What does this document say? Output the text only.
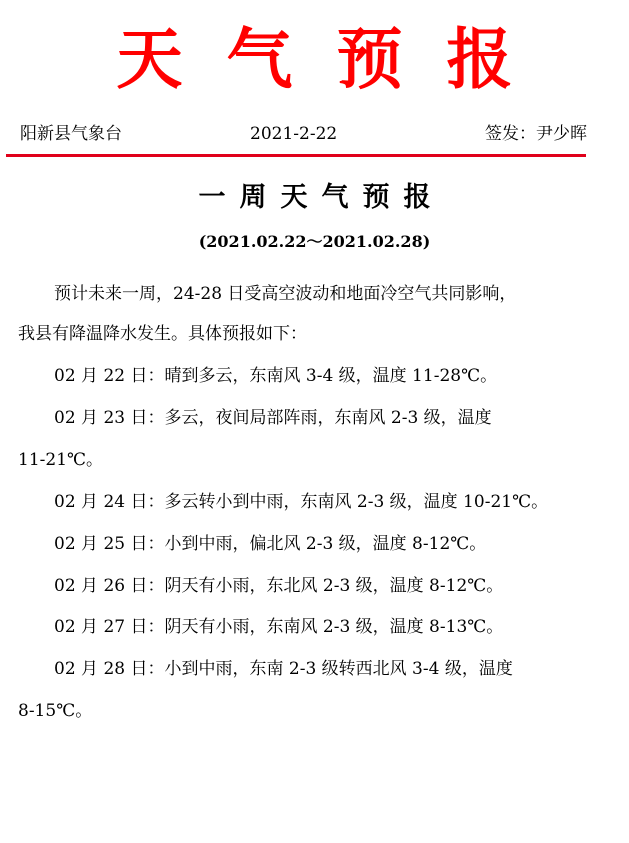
天气预报
阳新县气象台	2021-2-22	签发：尹少晖
一周天气预报
(2021.02.22～2021.02.28)

预计未来一周，24-28 日受高空波动和地面冷空气共同影响，

我县有降温降水发生。具体预报如下：

02 月 22 日：晴到多云，东南风 3-4 级，温度 11-28℃。

02 月 23 日：多云，夜间局部阵雨，东南风 2-3 级，温度

11-21℃。

02 月 24 日：多云转小到中雨，东南风 2-3 级，温度 10-21℃。

02 月 25 日：小到中雨，偏北风 2-3 级，温度 8-12℃。

02 月 26 日：阴天有小雨，东北风 2-3 级，温度 8-12℃。

02 月 27 日：阴天有小雨，东南风 2-3 级，温度 8-13℃。

02 月 28 日：小到中雨，东南 2-3 级转西北风 3-4 级，温度

8-15℃。
